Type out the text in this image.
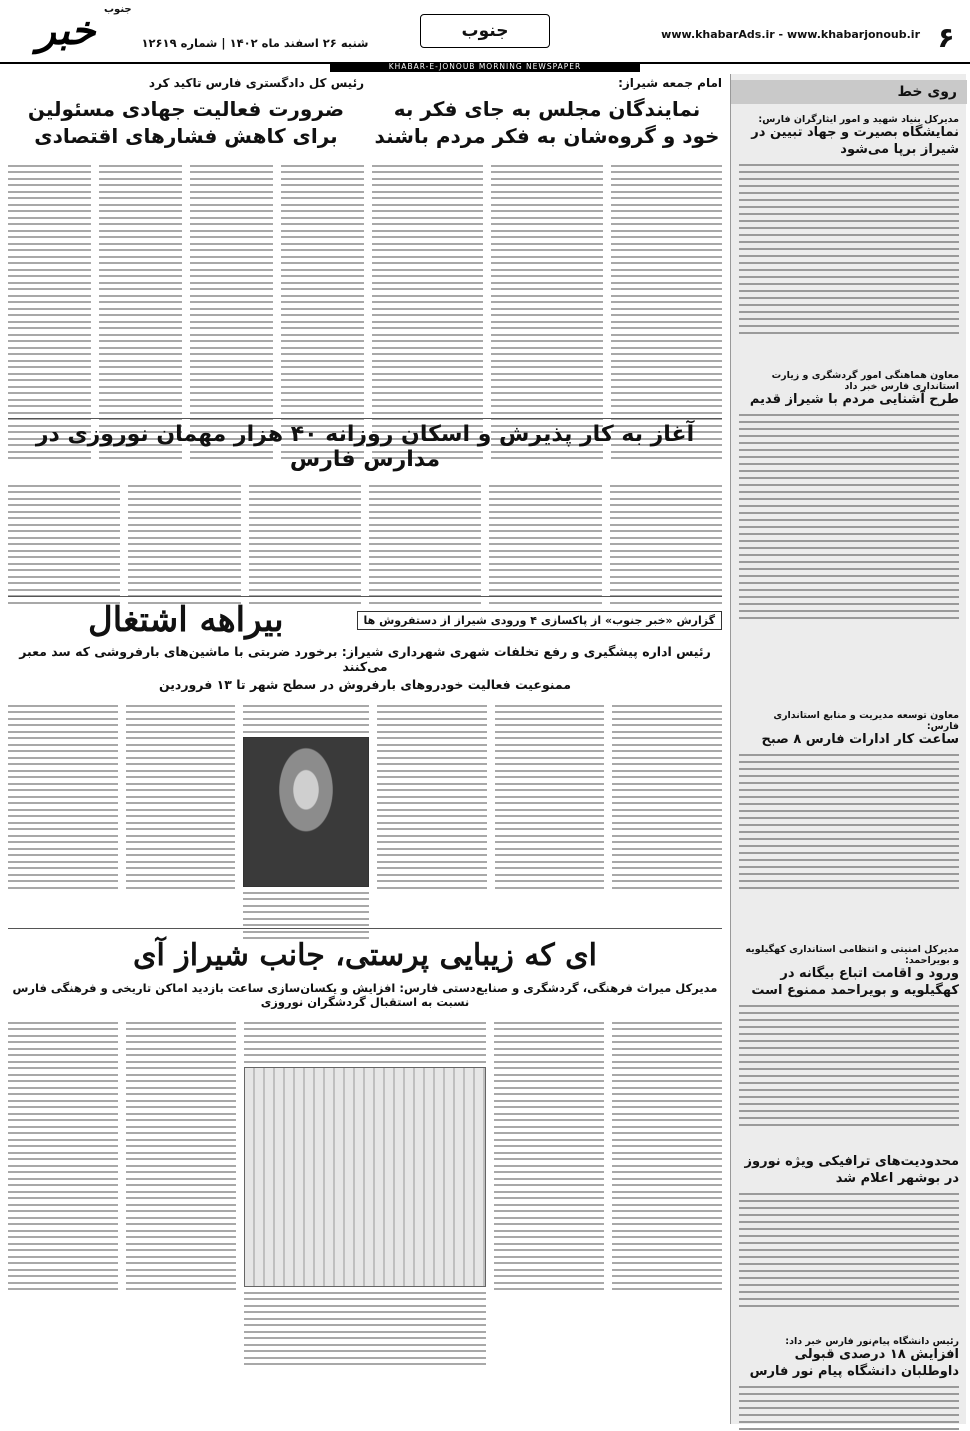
خبر جنوب
شنبه ۲۶ اسفند ماه ۱۴۰۲ | شماره ۱۲۶۱۹
جنوب	www.khabarAds.ir - www.khabarjonoub.ir ۶
KHABAR-E-JONOUB MORNING NEWSPAPER
روی خط
مدیرکل بنیاد شهید و امور ایثارگران فارس:
نمایشگاه بصیرت و جهاد تبیین در شیراز برپا می‌شود
معاون هماهنگی امور گردشگری و زیارت استانداری فارس خبر داد
طرح آشنایی مردم با شیراز قدیم
معاون توسعه مدیریت و منابع استانداری فارس:
ساعت کار ادارات فارس ۸ صبح
مدیرکل امنیتی و انتظامی استانداری کهگیلویه و بویراحمد:
ورود و اقامت اتباع بیگانه در کهگیلویه و بویراحمد ممنوع است
محدودیت‌های ترافیکی ویژه نوروز در بوشهر اعلام شد
رئیس دانشگاه پیام‌نور فارس خبر داد:
افزایش ۱۸ درصدی قبولی داوطلبان دانشگاه پیام نور فارس
امام جمعه شیراز:
نمایندگان مجلس به جای فکر به خود و گروه‌شان به فکر مردم باشند
رئیس کل دادگستری فارس تاکید کرد
ضرورت فعالیت جهادی مسئولین برای کاهش فشارهای اقتصادی
آغاز به کار پذیرش و اسکان روزانه ۴۰ هزار مهمان نوروزی در مدارس فارس
گزارش «خبر جنوب» از پاکسازی ۴ ورودی شیراز از دستفروش ها
بیراهه اشتغال
رئیس اداره پیشگیری و رفع تخلفات شهری شهرداری شیراز: برخورد ضربتی با ماشین‌های بارفروشی که سد معبر می‌کنند
ممنوعیت فعالیت خودروهای بارفروش در سطح شهر تا ۱۳ فروردین
ای که زیبایی پرستی، جانب شیراز آی
مدیرکل میراث فرهنگی، گردشگری و صنایع‌دستی فارس: افزایش و یکسان‌سازی ساعت بازدید اماکن تاریخی و فرهنگی فارس نسبت به استقبال گردشگران نوروزی
